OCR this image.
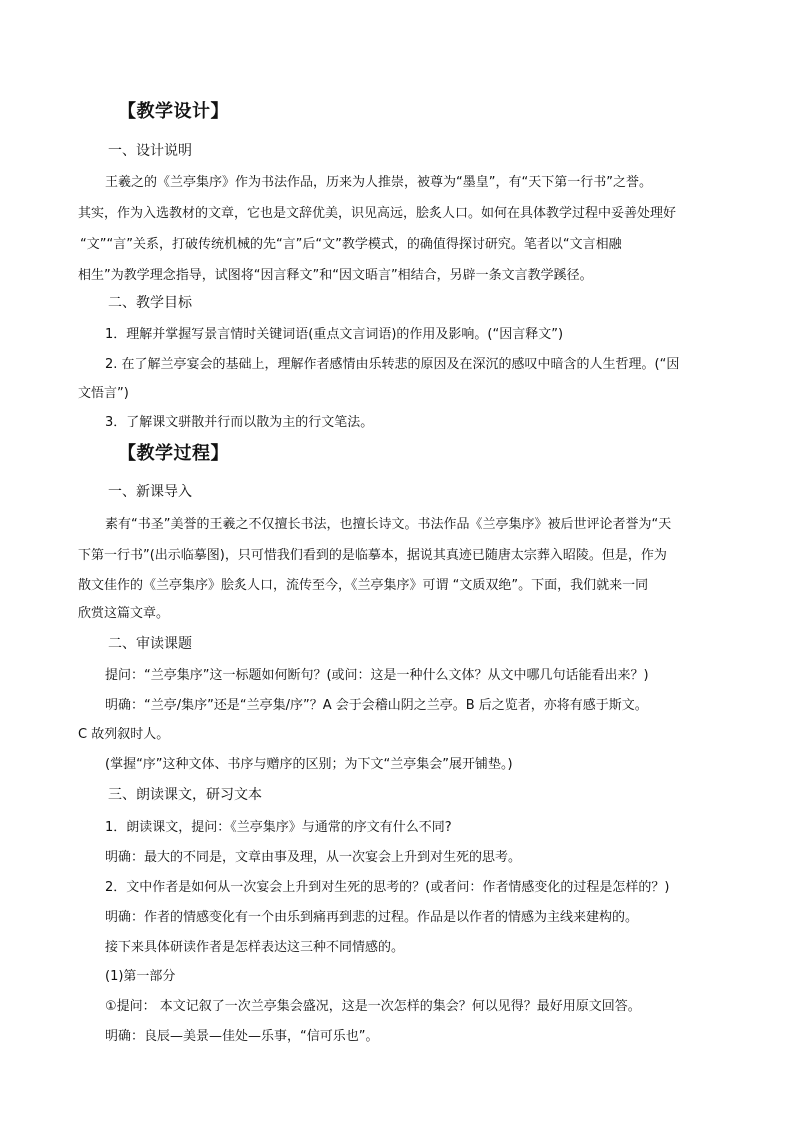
【教学设计】
一、设计说明
王羲之的《兰亭集序》作为书法作品，历来为人推崇，被尊为“墨皇”，有“天下第一行书”之誉。
其实，作为入选教材的文章，它也是文辞优美，识见高远，脍炙人口。如何在具体教学过程中妥善处理好
“文”“言”关系，打破传统机械的先“言”后“文”教学模式，的确值得探讨研究。笔者以“文言相融
相生”为教学理念指导，试图将“因言释文”和“因文晤言”相结合，另辟一条文言教学蹊径。
二、教学目标
1．理解并掌握写景言情时关键词语(重点文言词语)的作用及影响。(“因言释文”)
2. 在了解兰亭宴会的基础上，理解作者感情由乐转悲的原因及在深沉的感叹中暗含的人生哲理。(“因
文悟言”)
3．了解课文骈散并行而以散为主的行文笔法。
【教学过程】
一、新课导入
素有“书圣”美誉的王羲之不仅擅长书法，也擅长诗文。书法作品《兰亭集序》被后世评论者誉为“天
下第一行书”(出示临摹图)，只可惜我们看到的是临摹本，据说其真迹已随唐太宗葬入昭陵。但是，作为
散文佳作的《兰亭集序》脍炙人口，流传至今，《兰亭集序》可谓 “文质双绝”。下面，我们就来一同
欣赏这篇文章。
二、审读课题
提问：“兰亭集序”这一标题如何断句？(或问：这是一种什么文体？从文中哪几句话能看出来？)
明确：“兰亭/集序”还是“兰亭集/序”？A 会于会稽山阴之兰亭。B 后之览者，亦将有感于斯文。
C 故列叙时人。
(掌握“序”这种文体、书序与赠序的区别；为下文“兰亭集会”展开铺垫。)
三、朗读课文，研习文本
1．朗读课文，提问：《兰亭集序》与通常的序文有什么不同?
明确：最大的不同是，文章由事及理，从一次宴会上升到对生死的思考。
2．文中作者是如何从一次宴会上升到对生死的思考的？(或者问：作者情感变化的过程是怎样的？)
明确：作者的情感变化有一个由乐到痛再到悲的过程。作品是以作者的情感为主线来建构的。
接下来具体研读作者是怎样表达这三种不同情感的。
(1)第一部分
①提问： 本文记叙了一次兰亭集会盛况，这是一次怎样的集会？何以见得？最好用原文回答。
明确：良辰—美景—佳处—乐事，“信可乐也”。
